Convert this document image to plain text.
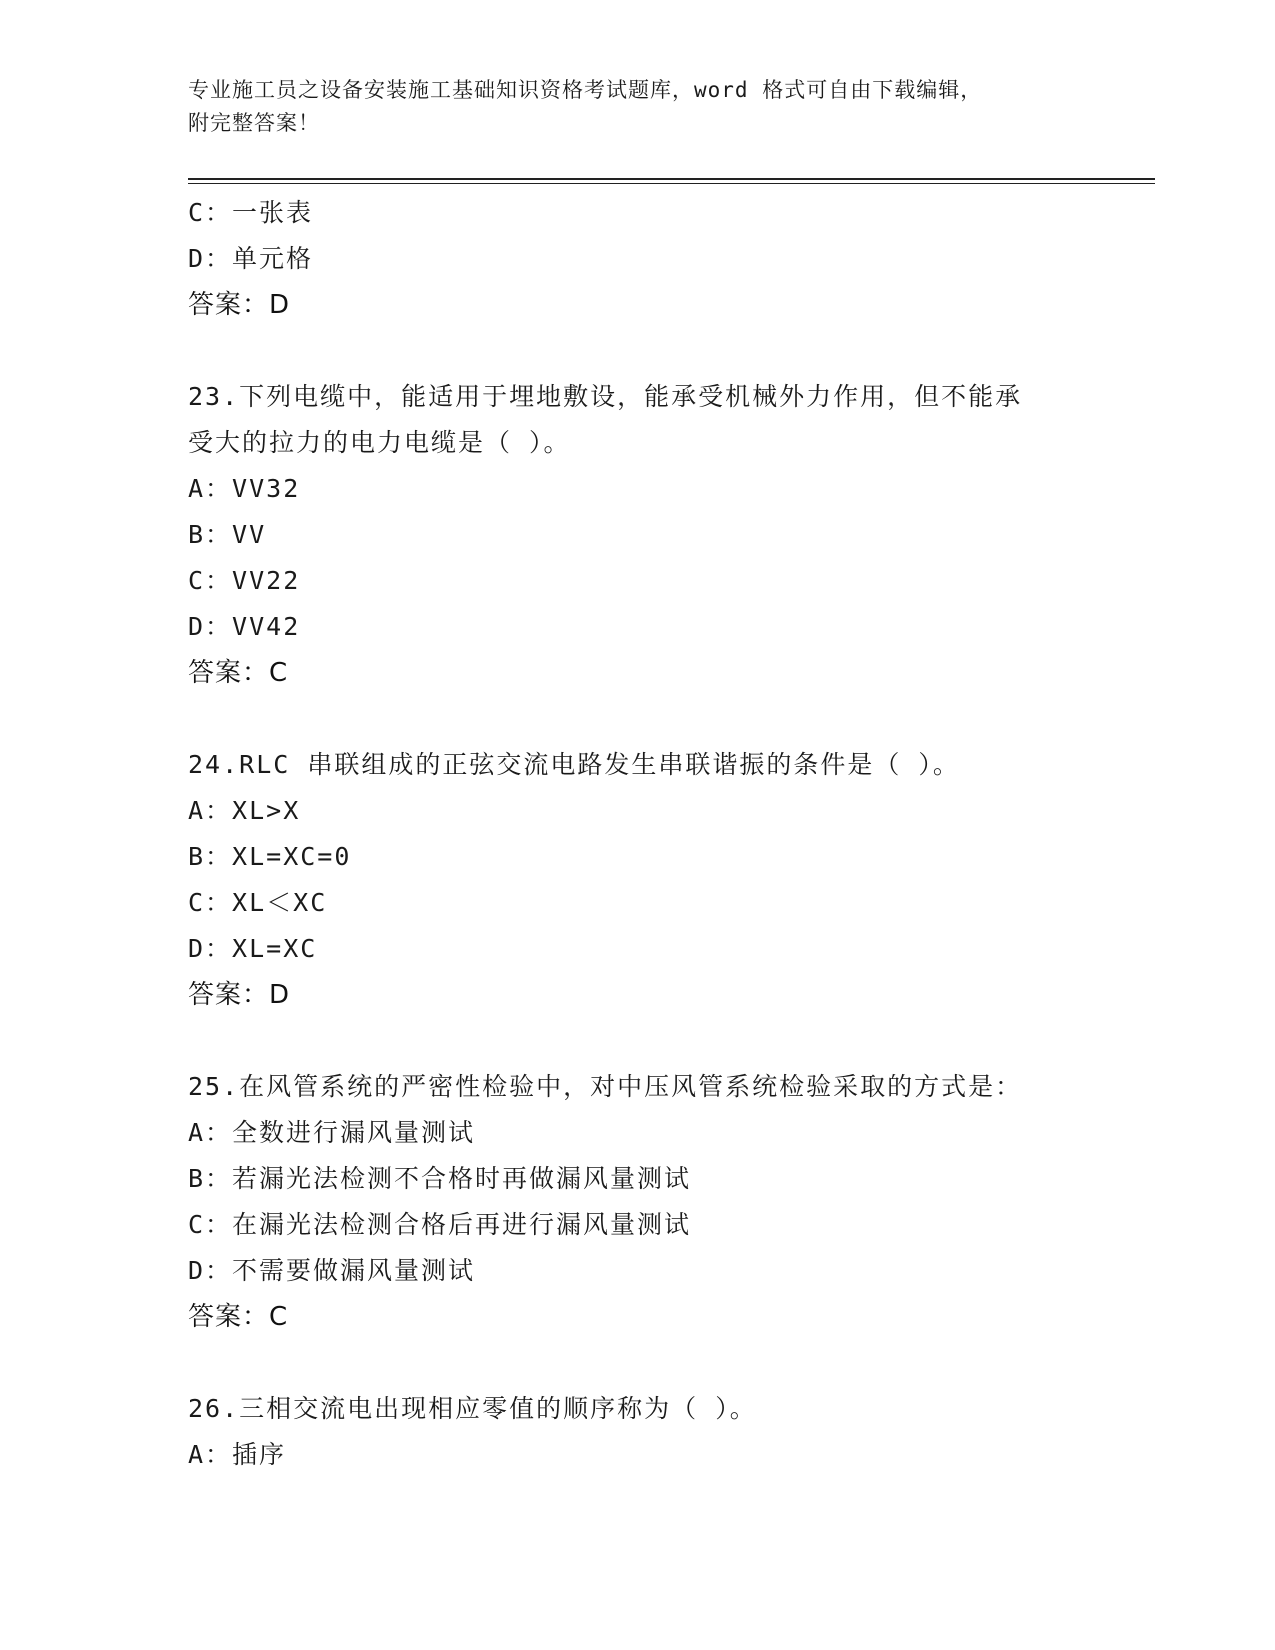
专业施工员之设备安装施工基础知识资格考试题库，word 格式可自由下载编辑，
附完整答案！
C：一张表
D：单元格
答案：D
23.下列电缆中，能适用于埋地敷设，能承受机械外力作用，但不能承
受大的拉力的电力电缆是（ ）。
A：VV32
B：VV
C：VV22
D：VV42
答案：C
24.RLC 串联组成的正弦交流电路发生串联谐振的条件是（ ）。
A：XL>X
B：XL=XC=0
C：XL＜XC
D：XL=XC
答案：D
25.在风管系统的严密性检验中，对中压风管系统检验采取的方式是：
A：全数进行漏风量测试
B：若漏光法检测不合格时再做漏风量测试
C：在漏光法检测合格后再进行漏风量测试
D：不需要做漏风量测试
答案：C
26.三相交流电出现相应零值的顺序称为（ ）。
A：插序
